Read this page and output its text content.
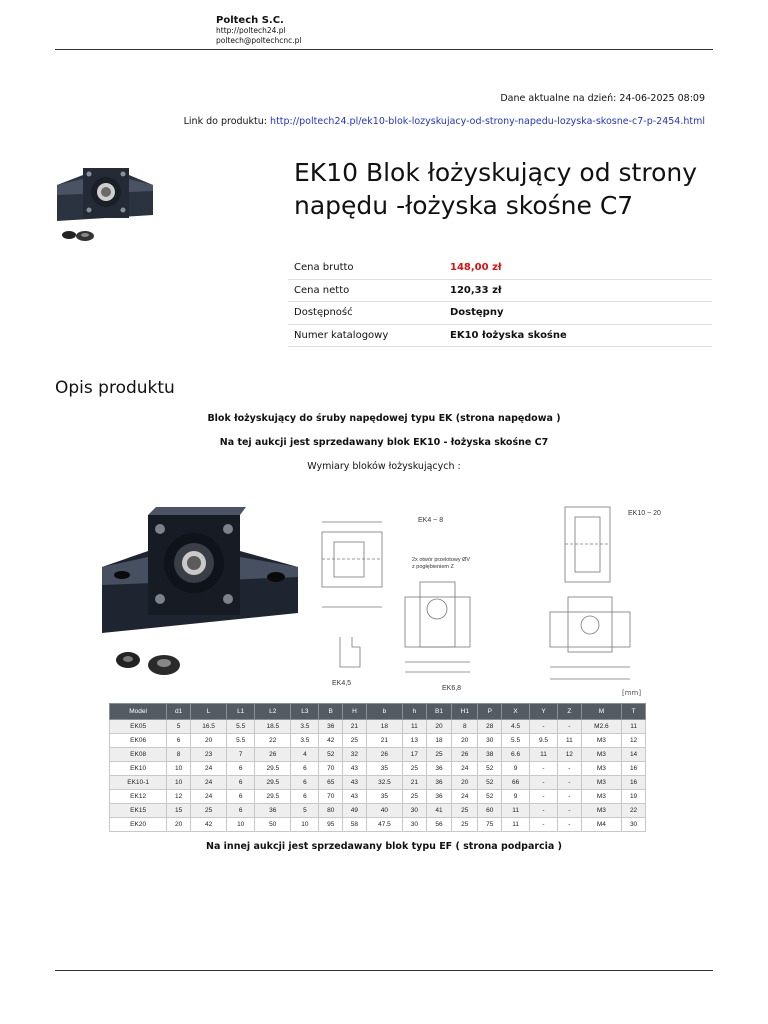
Poltech S.C.

http://poltech24.pl

poltech@poltechcnc.pl

Dane aktualne na dzień: 24-06-2025 08:09
Link do produktu: http://poltech24.pl/ek10-blok-lozyskujacy-od-strony-napedu-lozyska-skosne-c7-p-2454.html
EK10 Blok łożyskujący od strony napędu -łożyska skośne C7
Cena brutto	148,00 zł
Cena netto	120,33 zł
Dostępność	Dostępny
Numer katalogowy	EK10 łożyska skośne
Opis produktu

Blok łożyskujący do śruby napędowej typu EK (strona napędowa )

Na tej aukcji jest sprzedawany blok EK10 - łożyska skośne C7

Wymiary bloków łożyskujących :

EK4 ~ 8
EK10 ~ 20
2x otwór przelotowy ØV
z pogłębieniem Z
EK4,5
EK6,8
[mm]
Model	d1	L	L1	L2	L3	B	H	b	h	B1	H1	P	X	Y	Z	M	T
EK05	5	16.5	5.5	18.5	3.5	36	21	18	11	20	8	28	4.5	-	-	M2.6	11
EK06	6	20	5.5	22	3.5	42	25	21	13	18	20	30	5.5	9.5	11	M3	12
EK08	8	23	7	26	4	52	32	26	17	25	26	38	6.6	11	12	M3	14
EK10	10	24	6	29.5	6	70	43	35	25	36	24	52	9	-	-	M3	16
EK10-1	10	24	6	29.5	6	65	43	32.5	21	36	20	52	66	-	-	M3	16
EK12	12	24	6	29.5	6	70	43	35	25	36	24	52	9	-	-	M3	19
EK15	15	25	6	36	5	80	49	40	30	41	25	60	11	-	-	M3	22
EK20	20	42	10	50	10	95	58	47.5	30	56	25	75	11	-	-	M4	30

Na innej aukcji jest sprzedawany blok typu EF ( strona podparcia )
